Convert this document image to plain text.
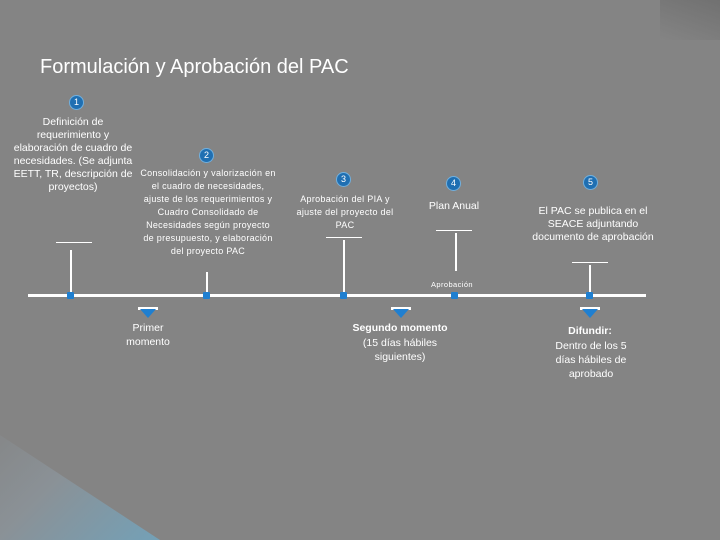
Formulación y Aprobación del PAC
1
Definición de requerimiento y elaboración de cuadro de necesidades. (Se adjunta EETT, TR, descripción de proyectos)
2
Consolidación y valorización en el cuadro de necesidades, ajuste de los requerimientos y Cuadro Consolidado de Necesidades según proyecto de presupuesto, y elaboración del proyecto PAC
3
Aprobación del PIA y ajuste del proyecto del PAC
4
Plan Anual
Aprobación
5
El PAC se publica en el SEACE adjuntando documento de aprobación
Primer momento
Segundo momento
(15 días hábiles siguientes)
Difundir:
Dentro de los 5 días hábiles de aprobado
